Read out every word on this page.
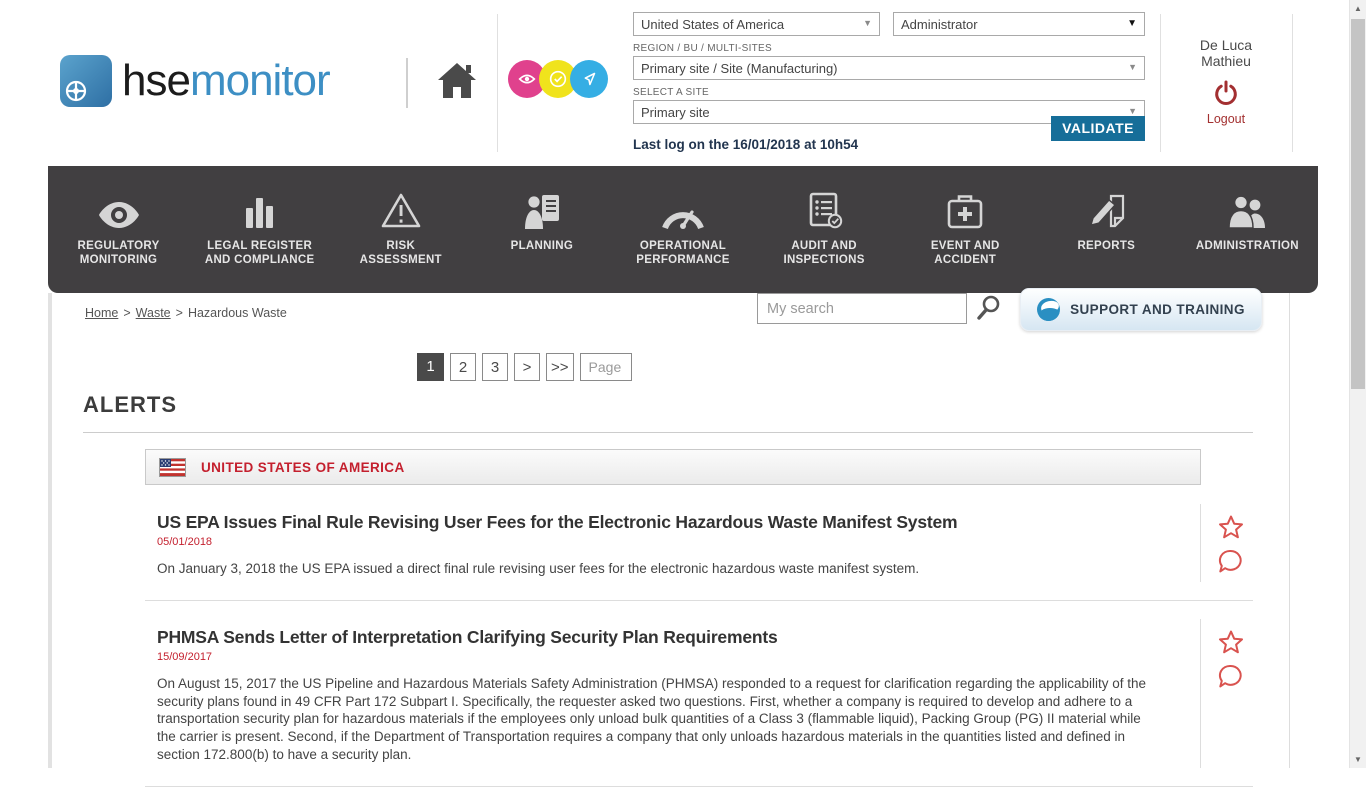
hsemonitor
United States of America	▼	Administrator	▼
REGION / BU / MULTI-SITES
Primary site / Site (Manufacturing)	▼
SELECT A SITE
Primary site	▼
VALIDATE
Last log on the 16/01/2018 at 10h54
De Luca
Mathieu
Logout
REGULATORY MONITORING
LEGAL REGISTER AND COMPLIANCE
RISK ASSESSMENT
PLANNING	OPERATIONAL PERFORMANCE
AUDIT AND INSPECTIONS
EVENT AND ACCIDENT
REPORTS	ADMINISTRATION
Home > Waste > Hazardous Waste
My search	SUPPORT AND TRAINING
1	2	3	>	>>
Page
ALERTS
UNITED STATES OF AMERICA
US EPA Issues Final Rule Revising User Fees for the Electronic Hazardous Waste Manifest System
05/01/2018
On January 3, 2018 the US EPA issued a direct final rule revising user fees for the electronic hazardous waste manifest system.
PHMSA Sends Letter of Interpretation Clarifying Security Plan Requirements
15/09/2017
On August 15, 2017 the US Pipeline and Hazardous Materials Safety Administration (PHMSA) responded to a request for clarification regarding the applicability of the security plans found in 49 CFR Part 172 Subpart I. Specifically, the requester asked two questions. First, whether a company is required to develop and adhere to a transportation security plan for hazardous materials if the employees only unload bulk quantities of a Class 3 (flammable liquid), Packing Group (PG) II material while the carrier is present. Second, if the Department of Transportation requires a company that only unloads hazardous materials in the quantities listed and defined in section 172.800(b) to have a security plan.
▲
▼
